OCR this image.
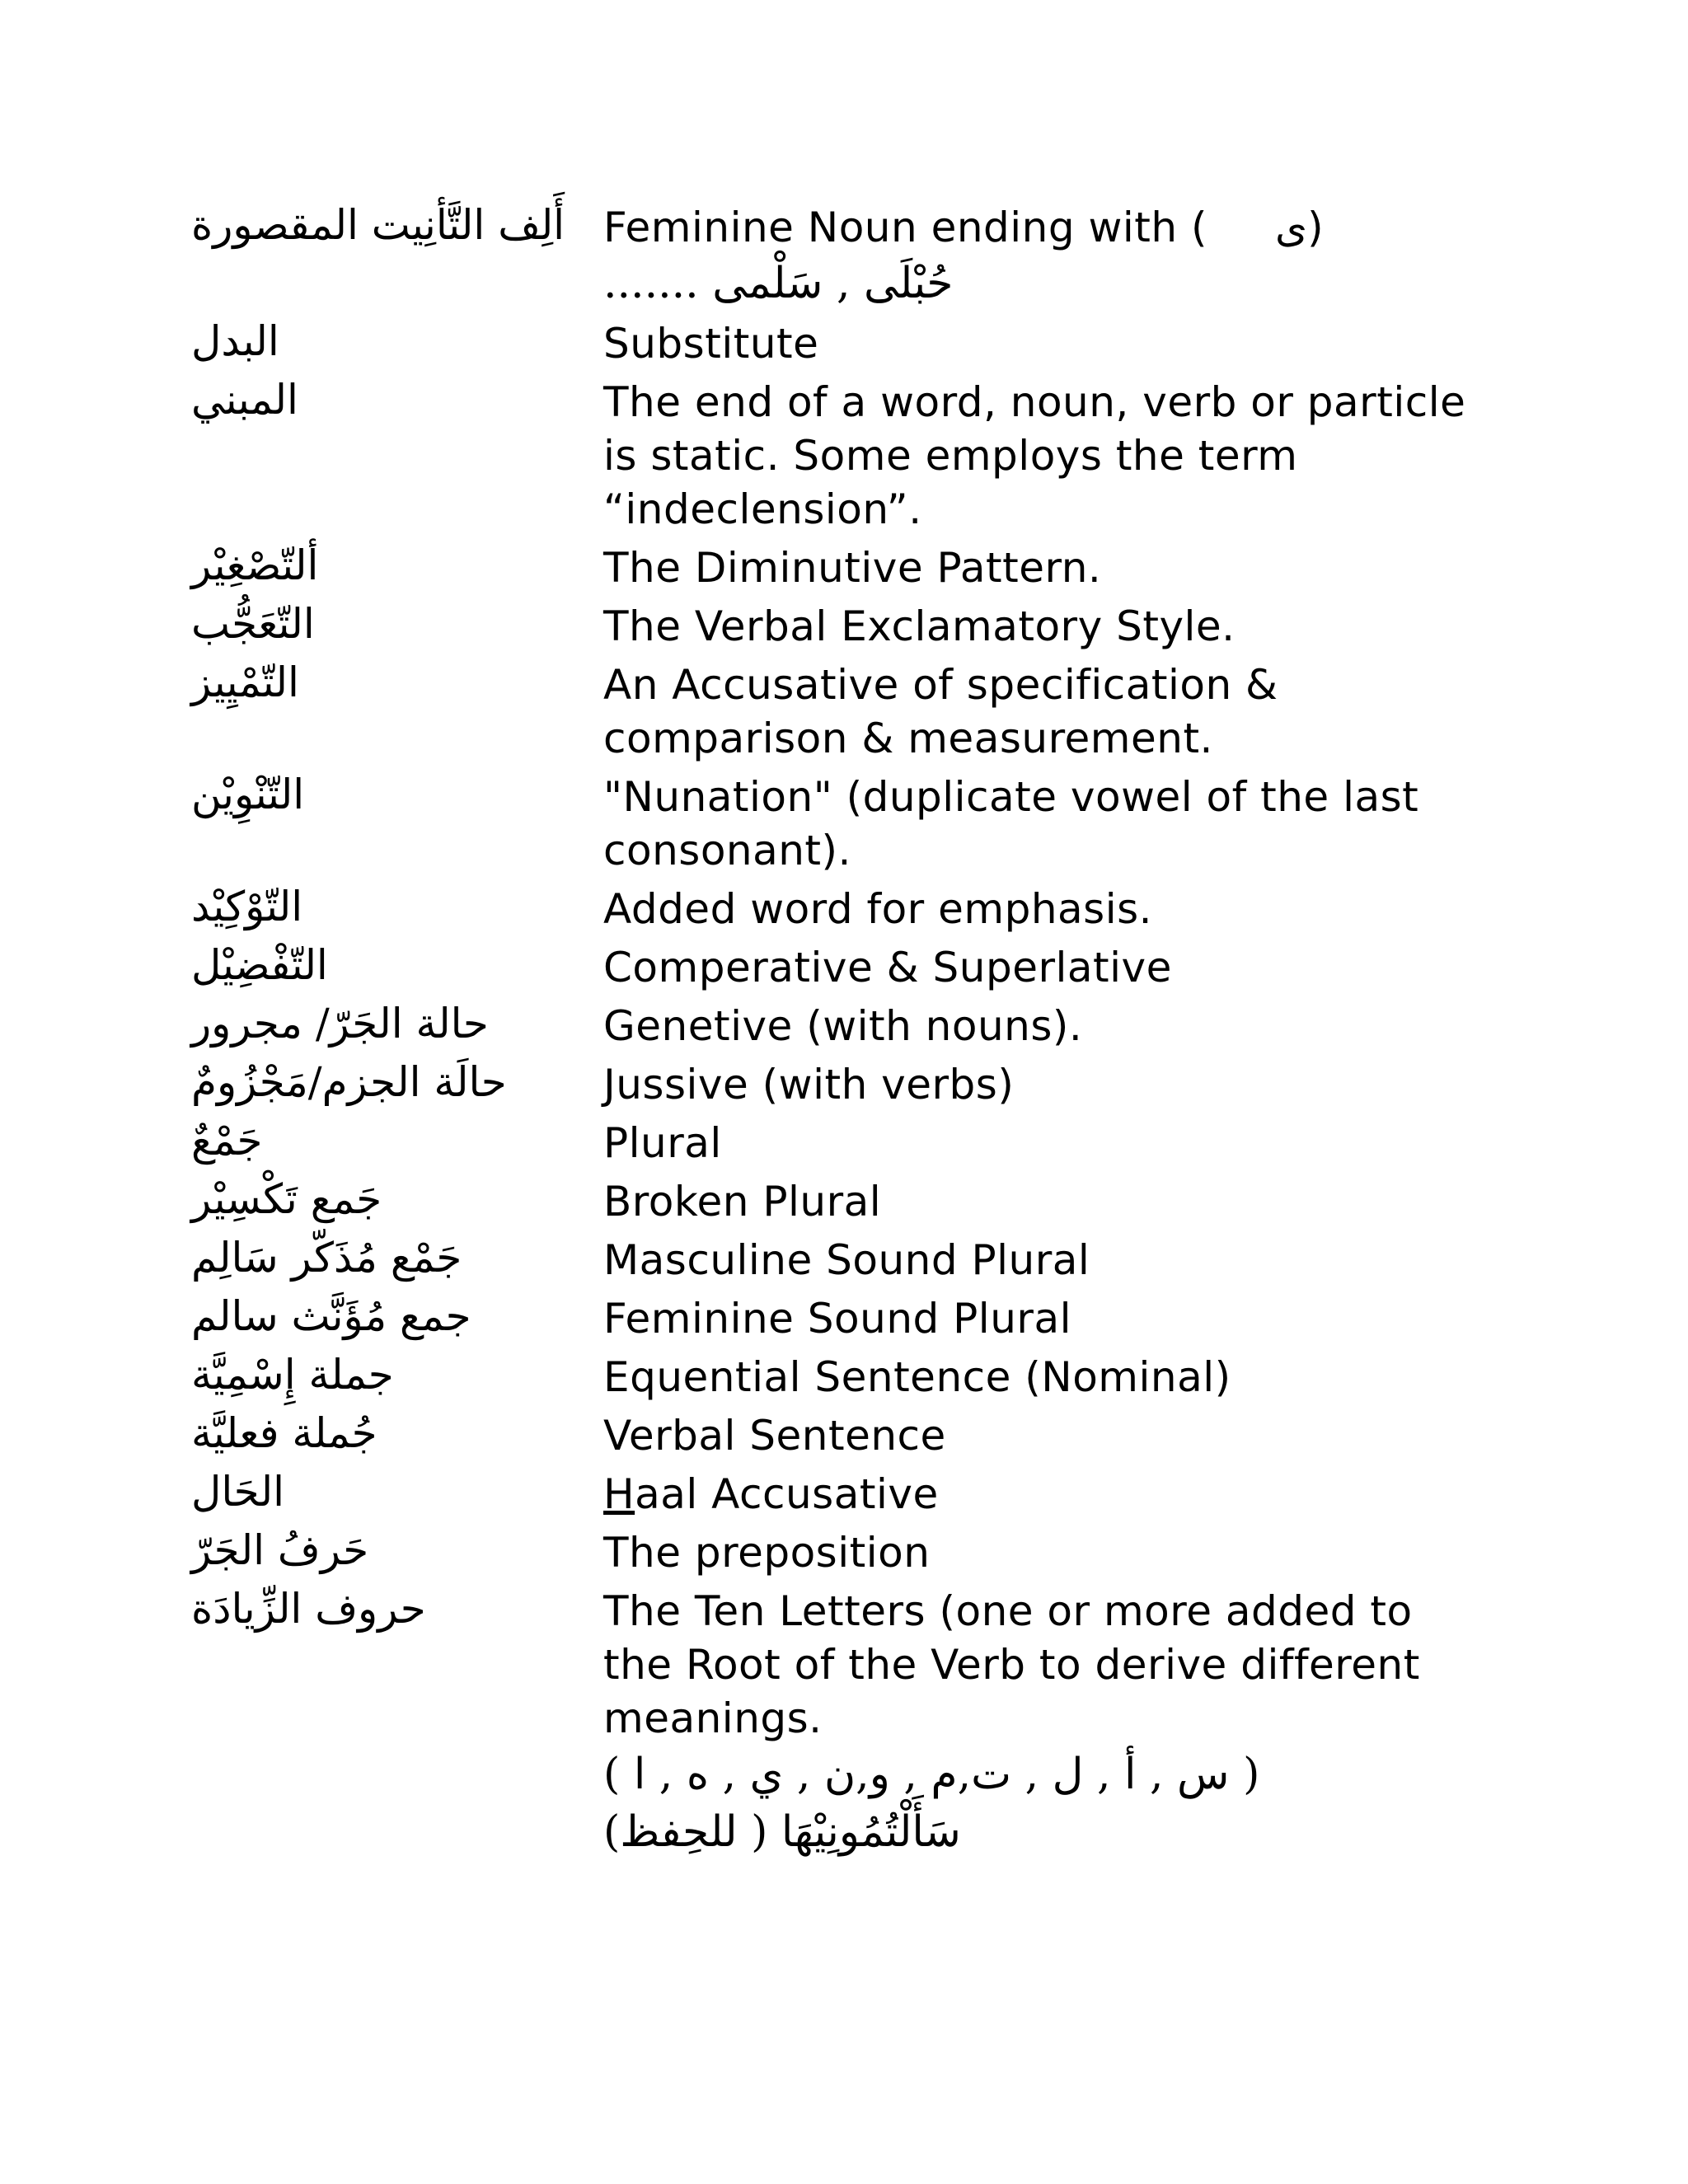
أَلِف التَّأنِيت المقصورة Feminine Noun ending with ( ى)
حُبْلَى , سَلْمى .......
البدل	Substitute
المبني	The end of a word, noun, verb or particle is static. Some employs the term “indeclension”.
ألتّصْغِيْر	The Diminutive Pattern.
التّعَجُّب	The Verbal Exclamatory Style.
التّمْيِيز	An Accusative of specification & comparison & measurement.
التّنْوِيْن	"Nunation" (duplicate vowel of the last consonant).
التّوْكِيْد	Added word for emphasis.
التّفْضِيْل	Comperative & Superlative
حالة الجَرّ/ مجرور	Genetive (with nouns).
حالَة الجزم/مَجْزُومٌ	Jussive (with verbs)
جَمْعٌ	Plural
جَمع تَكْسِيْر	Broken Plural
جَمْع مُذَكّر سَالِم	Masculine Sound Plural
جمع مُؤَنَّث سالم	Feminine Sound Plural
جملة إِسْمِيَّة	Equential Sentence (Nominal)
جُملة فعليَّة	Verbal Sentence
الحَال	Haal Accusative
حَرفُ الجَرّ	The preposition
حروف الزِّيادَة	The Ten Letters (one or more added to the Root of the Verb to derive different meanings.
( س , أ , ل , ت,م , و,ن , ي , ه , ا )
سَأَلْتُمُونِيْهَا ( للحِفظ)
